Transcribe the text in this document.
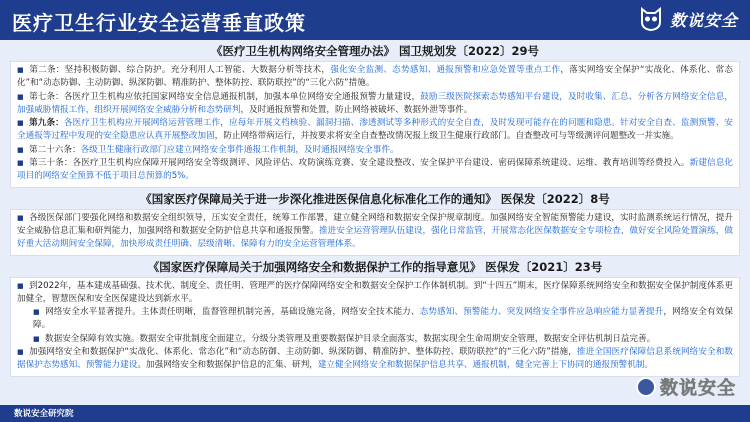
医疗卫生行业安全运营垂直政策	数说安全
《医疗卫生机构网络安全管理办法》 国卫规划发〔2022〕29号
■ 第二条：坚持积极防御、综合防护。充分利用人工智能、大数据分析等技术，强化安全监测、态势感知、通报预警和应急处置等重点工作，落实网络安全保护“实战化、体系化、常态化”和“动态防御、主动防御、纵深防御、精准防护、整体防控、联防联控”的“三化六防”措施。
■ 第七条：各医疗卫生机构应依托国家网络安全信息通报机制，加强本单位网络安全通报预警力量建设，鼓励三级医院探索态势感知平台建设，及时收集、汇总、分析各方网络安全信息，加强威胁情报工作，组织开展网络安全威胁分析和态势研判，及时通报预警和处置，防止网络被破坏、数据外泄等事件。
■ 第九条：各医疗卫生机构应开展网络运营管理工作，应每年开展文档核验、漏洞扫描、渗透测试等多种形式的安全自查，及时发现可能存在的问题和隐患。针对安全自查、监测预警、安全通报等过程中发现的安全隐患应认真开展整改加固，防止网络带病运行，并按要求将安全自查整改情况报上级卫生健康行政部门。自查整改可与等级测评问题整改一并实施。
■ 第二十六条：各级卫生健康行政部门应建立网络安全事件通报工作机制，及时通报网络安全事件。
■ 第三十条：各医疗卫生机构应保障开展网络安全等级测评、风险评估、攻防演练竞赛、安全建设整改、安全保护平台建设、密码保障系统建设、运维、教育培训等经费投入。新建信息化项目的网络安全预算不低于项目总预算的5%。
《国家医疗保障局关于进一步深化推进医保信息化标准化工作的通知》 医保发〔2022〕8号
■ 各级医保部门要强化网络和数据安全组织领导，压实安全责任，统筹工作部署，建立健全网络和数据安全保护规章制度。加强网络安全智能预警能力建设，实时监测系统运行情况，提升安全威胁信息汇集和研判能力，加强网络和数据安全防护信息共享和通报预警。推进安全运营管理队伍建设，强化日常监管，开展常态化医保数据安全专项检查，做好安全风险处置演练，做好重大活动期间安全保障，加快形成责任明确、层级清晰、保障有力的安全运营管理体系。
《国家医疗保障局关于加强网络安全和数据保护工作的指导意见》 医保发〔2021〕23号
■ 到2022年，基本建成基础强、技术优、制度全、责任明、管理严的医疗保障网络安全和数据安全保护工作体制机制。到“十四五”期末，医疗保障系统网络安全和数据安全保护制度体系更加健全，智慧医保和安全医保建设达到新水平。
■ 网络安全水平显著提升。主体责任明晰，监督管理机制完善，基础设施完备，网络安全技术能力、态势感知、预警能力、突发网络安全事件应急响应能力显著提升，网络安全有效保障。
■ 数据安全保障有效实施。数据安全审批制度全面建立，分级分类管理及重要数据保护目录全面落实，数据实现全生命周期安全管理，数据安全评估机制日益完善。
■ 加强网络安全和数据保护“实战化、体系化、常态化”和“动态防御、主动防御、纵深防御、精准防护、整体防控、联防联控”的“三化六防”措施，推进全国医疗保障信息系统网络安全和数据保护态势感知、预警能力建设。加强网络安全和数据保护信息的汇集、研判，建立健全网络安全和数据保护信息共享、通报机制，健全完善上下协同的通报预警机制。
数说安全
数说安全研究院
